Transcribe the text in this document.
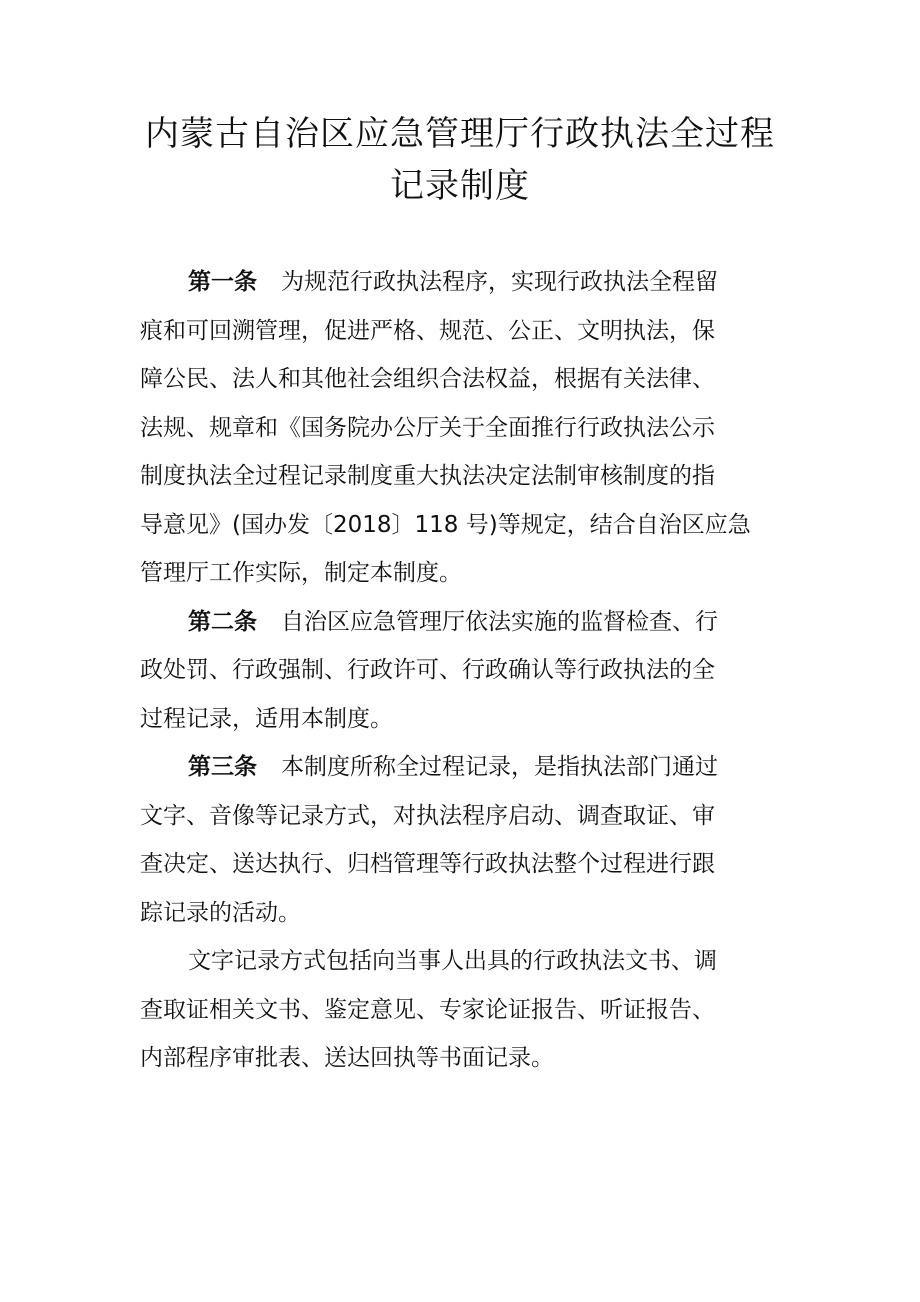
内蒙古自治区应急管理厅行政执法全过程
记录制度
第一条 为规范行政执法程序，实现行政执法全程留
痕和可回溯管理，促进严格、规范、公正、文明执法，保
障公民、法人和其他社会组织合法权益，根据有关法律、
法规、规章和《国务院办公厅关于全面推行行政执法公示
制度执法全过程记录制度重大执法决定法制审核制度的指
导意见》(国办发〔2018〕118 号)等规定，结合自治区应急
管理厅工作实际，制定本制度。
第二条 自治区应急管理厅依法实施的监督检查、行
政处罚、行政强制、行政许可、行政确认等行政执法的全
过程记录，适用本制度。
第三条 本制度所称全过程记录，是指执法部门通过
文字、音像等记录方式，对执法程序启动、调查取证、审
查决定、送达执行、归档管理等行政执法整个过程进行跟
踪记录的活动。
文字记录方式包括向当事人出具的行政执法文书、调
查取证相关文书、鉴定意见、专家论证报告、听证报告、
内部程序审批表、送达回执等书面记录。
